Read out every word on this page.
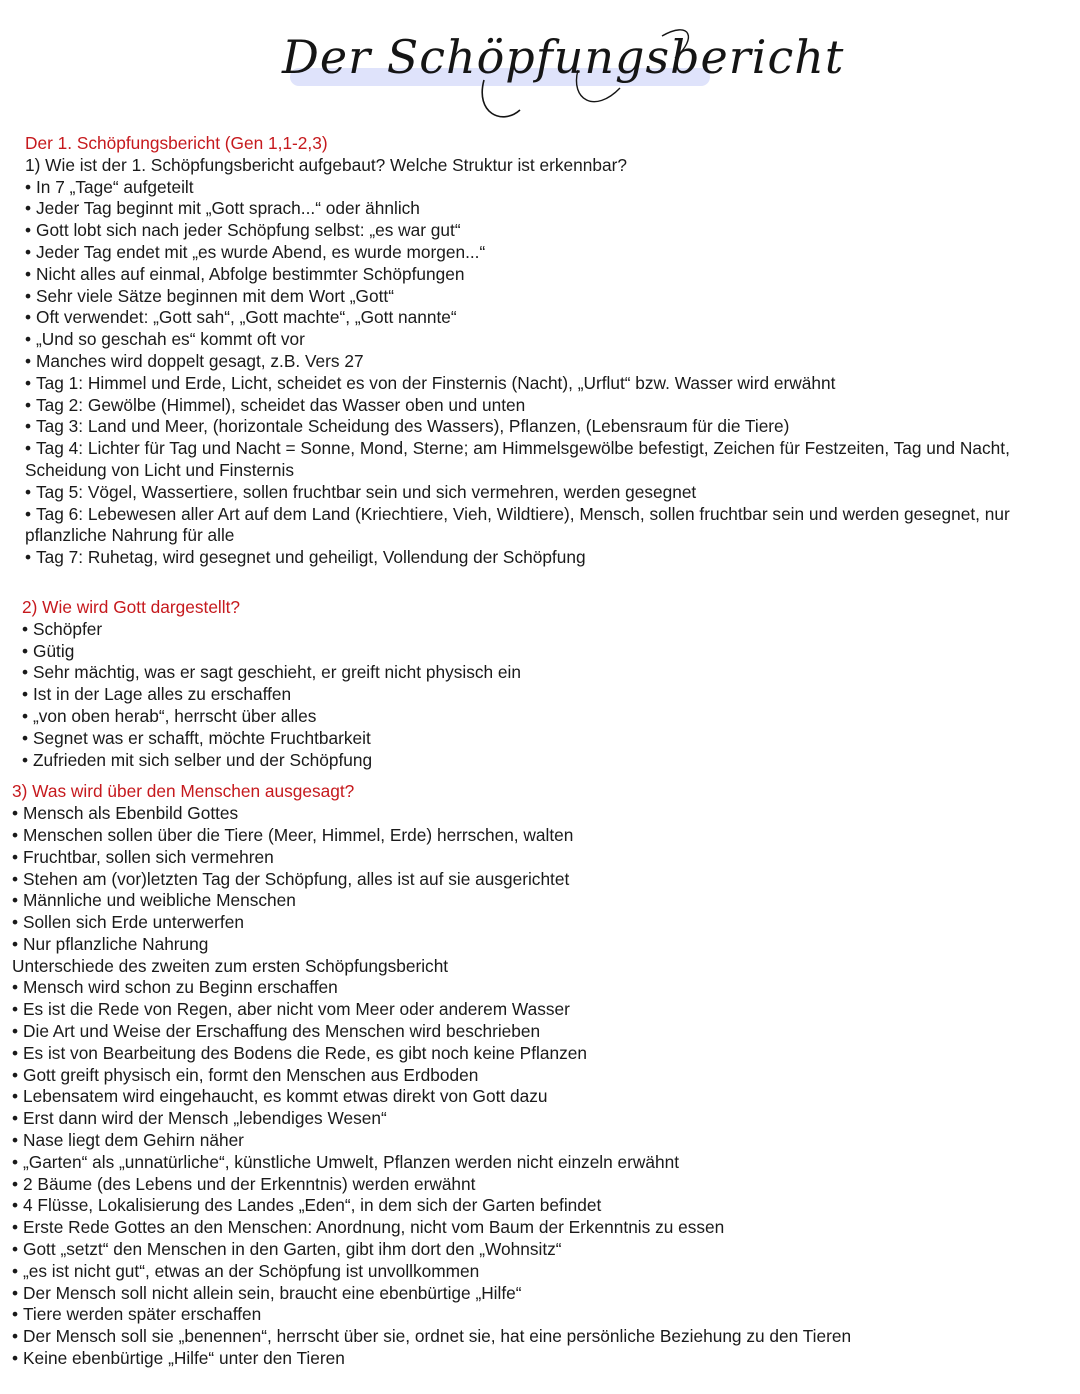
Der Schöpfungsbericht
Der 1. Schöpfungsbericht (Gen 1,1-2,3)
1) Wie ist der 1. Schöpfungsbericht aufgebaut? Welche Struktur ist erkennbar?
• In 7 „Tage“ aufgeteilt
• Jeder Tag beginnt mit „Gott sprach...“ oder ähnlich
• Gott lobt sich nach jeder Schöpfung selbst: „es war gut“
• Jeder Tag endet mit „es wurde Abend, es wurde morgen...“
• Nicht alles auf einmal, Abfolge bestimmter Schöpfungen
• Sehr viele Sätze beginnen mit dem Wort „Gott“
• Oft verwendet: „Gott sah“, „Gott machte“, „Gott nannte“
• „Und so geschah es“ kommt oft vor
• Manches wird doppelt gesagt, z.B. Vers 27
• Tag 1: Himmel und Erde, Licht, scheidet es von der Finsternis (Nacht), „Urflut“ bzw. Wasser wird erwähnt
• Tag 2: Gewölbe (Himmel), scheidet das Wasser oben und unten
• Tag 3: Land und Meer, (horizontale Scheidung des Wassers), Pflanzen, (Lebensraum für die Tiere)
• Tag 4: Lichter für Tag und Nacht = Sonne, Mond, Sterne; am Himmelsgewölbe befestigt, Zeichen für Festzeiten, Tag und Nacht, Scheidung von Licht und Finsternis
• Tag 5: Vögel, Wassertiere, sollen fruchtbar sein und sich vermehren, werden gesegnet
• Tag 6: Lebewesen aller Art auf dem Land (Kriechtiere, Vieh, Wildtiere), Mensch, sollen fruchtbar sein und werden gesegnet, nur pflanzliche Nahrung für alle
• Tag 7: Ruhetag, wird gesegnet und geheiligt, Vollendung der Schöpfung
2) Wie wird Gott dargestellt?
• Schöpfer
• Gütig
• Sehr mächtig, was er sagt geschieht, er greift nicht physisch ein
• Ist in der Lage alles zu erschaffen
• „von oben herab“, herrscht über alles
• Segnet was er schafft, möchte Fruchtbarkeit
• Zufrieden mit sich selber und der Schöpfung
3) Was wird über den Menschen ausgesagt?
• Mensch als Ebenbild Gottes
• Menschen sollen über die Tiere (Meer, Himmel, Erde) herrschen, walten
• Fruchtbar, sollen sich vermehren
• Stehen am (vor)letzten Tag der Schöpfung, alles ist auf sie ausgerichtet
• Männliche und weibliche Menschen
• Sollen sich Erde unterwerfen
• Nur pflanzliche Nahrung
Unterschiede des zweiten zum ersten Schöpfungsbericht
• Mensch wird schon zu Beginn erschaffen
• Es ist die Rede von Regen, aber nicht vom Meer oder anderem Wasser
• Die Art und Weise der Erschaffung des Menschen wird beschrieben
• Es ist von Bearbeitung des Bodens die Rede, es gibt noch keine Pflanzen
• Gott greift physisch ein, formt den Menschen aus Erdboden
• Lebensatem wird eingehaucht, es kommt etwas direkt von Gott dazu
• Erst dann wird der Mensch „lebendiges Wesen“
• Nase liegt dem Gehirn näher
• „Garten“ als „unnatürliche“, künstliche Umwelt, Pflanzen werden nicht einzeln erwähnt
• 2 Bäume (des Lebens und der Erkenntnis) werden erwähnt
• 4 Flüsse, Lokalisierung des Landes „Eden“, in dem sich der Garten befindet
• Erste Rede Gottes an den Menschen: Anordnung, nicht vom Baum der Erkenntnis zu essen
• Gott „setzt“ den Menschen in den Garten, gibt ihm dort den „Wohnsitz“
• „es ist nicht gut“, etwas an der Schöpfung ist unvollkommen
• Der Mensch soll nicht allein sein, braucht eine ebenbürtige „Hilfe“
• Tiere werden später erschaffen
• Der Mensch soll sie „benennen“, herrscht über sie, ordnet sie, hat eine persönliche Beziehung zu den Tieren
• Keine ebenbürtige „Hilfe“ unter den Tieren
